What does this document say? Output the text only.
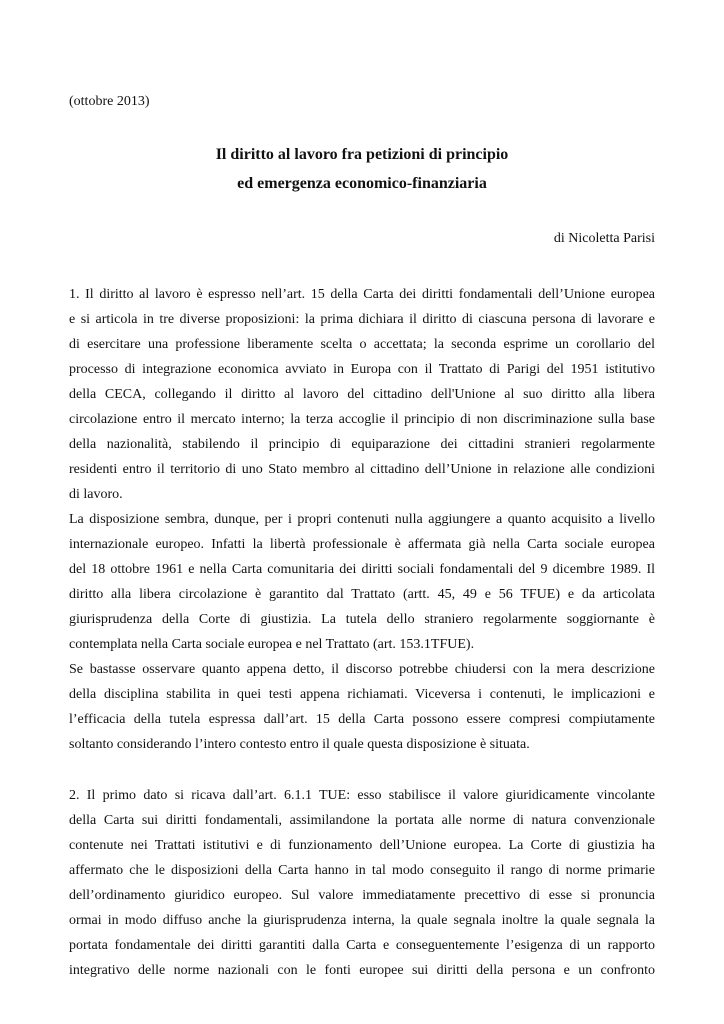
(ottobre 2013)
Il diritto al lavoro fra petizioni di principio
ed emergenza economico-finanziaria
di Nicoletta Parisi
1. Il diritto al lavoro è espresso nell’art. 15 della Carta dei diritti fondamentali dell’Unione europea
e si articola in tre diverse proposizioni: la prima dichiara il diritto di ciascuna persona di lavorare e
di esercitare una professione liberamente scelta o accettata; la seconda esprime un corollario del
processo di integrazione economica avviato in Europa con il Trattato di Parigi del 1951 istitutivo
della CECA, collegando il diritto al lavoro del cittadino dell'Unione al suo diritto alla libera
circolazione entro il mercato interno; la terza accoglie il principio di non discriminazione sulla base
della nazionalità, stabilendo il principio di equiparazione dei cittadini stranieri regolarmente
residenti entro il territorio di uno Stato membro al cittadino dell’Unione in relazione alle condizioni
di lavoro.
La disposizione sembra, dunque, per i propri contenuti nulla aggiungere a quanto acquisito a livello
internazionale europeo. Infatti la libertà professionale è affermata già nella Carta sociale europea
del 18 ottobre 1961 e nella Carta comunitaria dei diritti sociali fondamentali del 9 dicembre 1989. Il
diritto alla libera circolazione è garantito dal Trattato (artt. 45, 49 e 56 TFUE) e da articolata
giurisprudenza della Corte di giustizia. La tutela dello straniero regolarmente soggiornante è
contemplata nella Carta sociale europea e nel Trattato (art. 153.1TFUE).
Se bastasse osservare quanto appena detto, il discorso potrebbe chiudersi con la mera descrizione
della disciplina stabilita in quei testi appena richiamati. Viceversa i contenuti, le implicazioni e
l’efficacia della tutela espressa dall’art. 15 della Carta possono essere compresi compiutamente
soltanto considerando l’intero contesto entro il quale questa disposizione è situata.
2. Il primo dato si ricava dall’art. 6.1.1 TUE: esso stabilisce il valore giuridicamente vincolante
della Carta sui diritti fondamentali, assimilandone la portata alle norme di natura convenzionale
contenute nei Trattati istitutivi e di funzionamento dell’Unione europea. La Corte di giustizia ha
affermato che le disposizioni della Carta hanno in tal modo conseguito il rango di norme primarie
dell’ordinamento giuridico europeo. Sul valore immediatamente precettivo di esse si pronuncia
ormai in modo diffuso anche la giurisprudenza interna, la quale segnala inoltre la quale segnala la
portata fondamentale dei diritti garantiti dalla Carta e conseguentemente l’esigenza di un rapporto
integrativo delle norme nazionali con le fonti europee sui diritti della persona e un confronto
